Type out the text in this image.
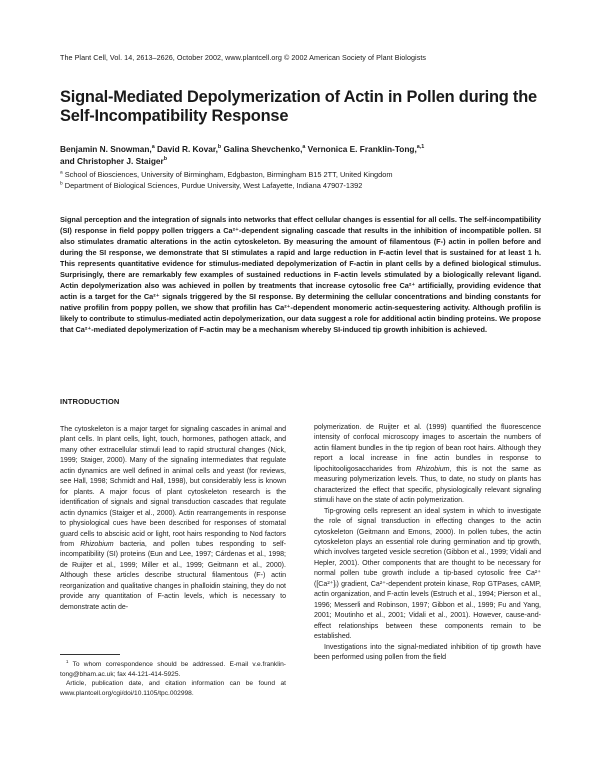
The Plant Cell, Vol. 14, 2613–2626, October 2002, www.plantcell.org © 2002 American Society of Plant Biologists
Signal-Mediated Depolymerization of Actin in Pollen during the Self-Incompatibility Response
Benjamin N. Snowman,$^a$ David R. Kovar,$^b$ Galina Shevchenko,$^a$ Vernonica E. Franklin-Tong,$^{a,1}$
and Christopher J. Staiger$^b$
$^a$ School of Biosciences, University of Birmingham, Edgbaston, Birmingham B15 2TT, United Kingdom
$^b$ Department of Biological Sciences, Purdue University, West Lafayette, Indiana 47907-1392

Signal perception and the integration of signals into networks that effect cellular changes is essential for all cells. The self-incompatibility (SI) response in field poppy pollen triggers a Ca²⁺-dependent signaling cascade that results in the inhibition of incompatible pollen. SI also stimulates dramatic alterations in the actin cytoskeleton. By measuring the amount of filamentous (F-) actin in pollen before and during the SI response, we demonstrate that SI stimulates a rapid and large reduction in F-actin level that is sustained for at least 1 h. This represents quantitative evidence for stimulus-mediated depolymerization of F-actin in plant cells by a defined biological stimulus. Surprisingly, there are remarkably few examples of sustained reductions in F-actin levels stimulated by a biologically relevant ligand. Actin depolymerization also was achieved in pollen by treatments that increase cytosolic free Ca²⁺ artificially, providing evidence that actin is a target for the Ca²⁺ signals triggered by the SI response. By determining the cellular concentrations and binding constants for native profilin from poppy pollen, we show that profilin has Ca²⁺-dependent monomeric actin-sequestering activity. Although profilin is likely to contribute to stimulus-mediated actin depolymerization, our data suggest a role for additional actin binding proteins. We propose that Ca²⁺-mediated depolymerization of F-actin may be a mechanism whereby SI-induced tip growth inhibition is achieved.

INTRODUCTION

The cytoskeleton is a major target for signaling cascades in animal and plant cells. In plant cells, light, touch, hormones, pathogen attack, and many other extracellular stimuli lead to rapid structural changes (Nick, 1999; Staiger, 2000). Many of the signaling intermediates that regulate actin dynamics are well defined in animal cells and yeast (for reviews, see Hall, 1998; Schmidt and Hall, 1998), but considerably less is known for plants. A major focus of plant cytoskeleton research is the identification of signals and signal transduction cascades that regulate actin dynamics (Staiger et al., 2000). Actin rearrangements in response to physiological cues have been described for responses of stomatal guard cells to abscisic acid or light, root hairs responding to Nod factors from Rhizobium bacteria, and pollen tubes responding to self-incompatibility (SI) proteins (Eun and Lee, 1997; Cárdenas et al., 1998; de Ruijter et al., 1999; Miller et al., 1999; Geitmann et al., 2000). Although these articles describe structural filamentous (F-) actin reorganization and qualitative changes in phalloidin staining, they do not provide any quantitation of F-actin levels, which is necessary to demonstrate actin de-

$^1$ To whom correspondence should be addressed. E-mail v.e.franklin-tong@bham.ac.uk; fax 44-121-414-5925.

Article, publication date, and citation information can be found at www.plantcell.org/cgi/doi/10.1105/tpc.002998.

polymerization. de Ruijter et al. (1999) quantified the fluorescence intensity of confocal microscopy images to ascertain the numbers of actin filament bundles in the tip region of bean root hairs. Although they report a local increase in fine actin bundles in response to lipochitooligosaccharides from Rhizobium, this is not the same as measuring polymerization levels. Thus, to date, no study on plants has characterized the effect that specific, physiologically relevant signaling stimuli have on the state of actin polymerization.

Tip-growing cells represent an ideal system in which to investigate the role of signal transduction in effecting changes to the actin cytoskeleton (Geitmann and Emons, 2000). In pollen tubes, the actin cytoskeleton plays an essential role during germination and tip growth, which involves targeted vesicle secretion (Gibbon et al., 1999; Vidali and Hepler, 2001). Other components that are thought to be necessary for normal pollen tube growth include a tip-based cytosolic free Ca²⁺ ([Ca²⁺]ᵢ) gradient, Ca²⁺-dependent protein kinase, Rop GTPases, cAMP, actin organization, and F-actin levels (Estruch et al., 1994; Pierson et al., 1996; Messerli and Robinson, 1997; Gibbon et al., 1999; Fu and Yang, 2001; Moutinho et al., 2001; Vidali et al., 2001). However, cause-and-effect relationships between these components remain to be established.

Investigations into the signal-mediated inhibition of tip growth have been performed using pollen from the field
